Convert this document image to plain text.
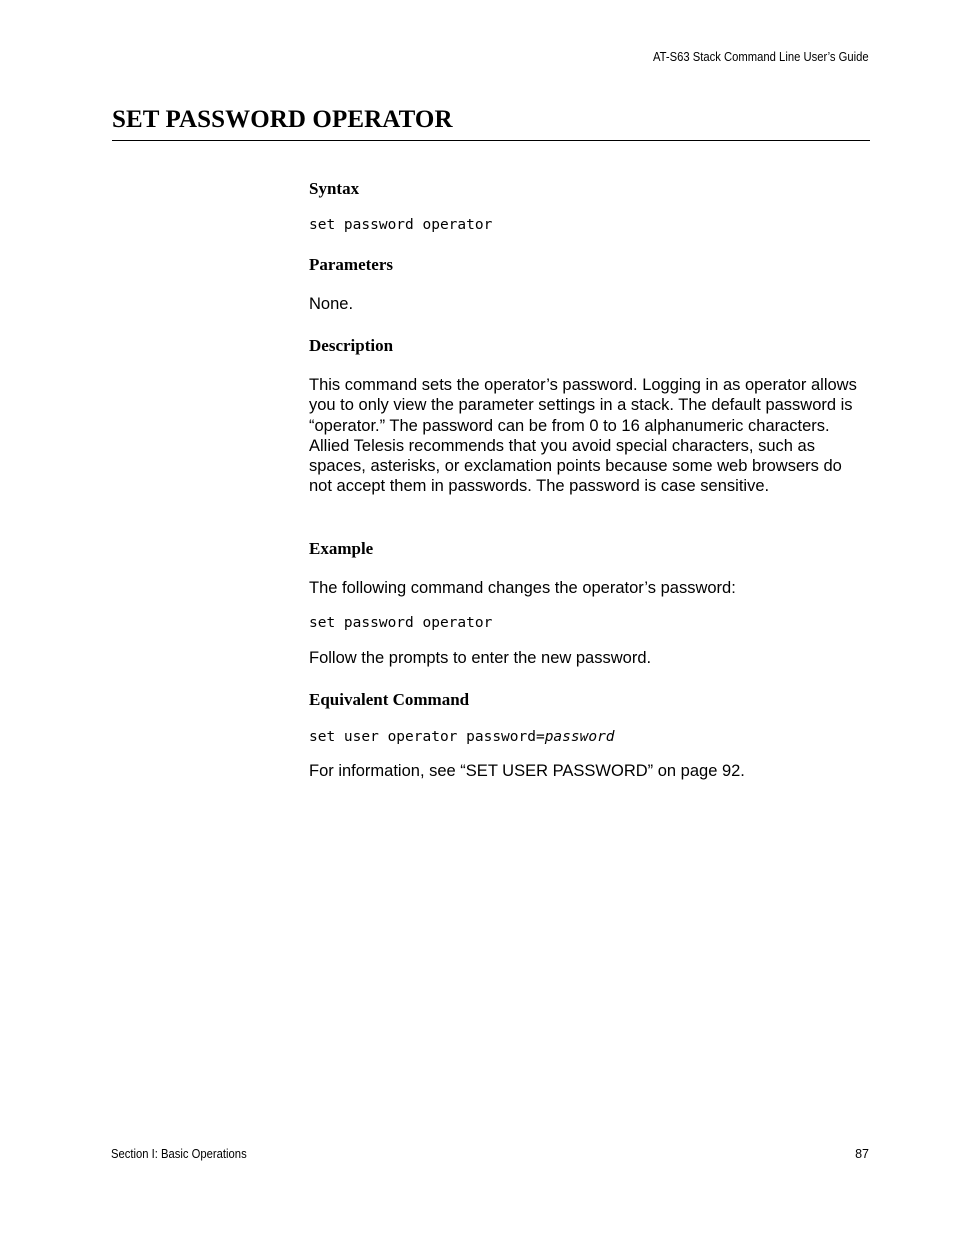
AT-S63 Stack Command Line User’s Guide
SET PASSWORD OPERATOR
Syntax
set password operator
Parameters

None.

Description

This command sets the operator’s password. Logging in as operator allows you to only view the parameter settings in a stack. The default password is “operator.” The password can be from 0 to 16 alphanumeric characters. Allied Telesis recommends that you avoid special characters, such as spaces, asterisks, or exclamation points because some web browsers do not accept them in passwords. The password is case sensitive.

Example

The following command changes the operator’s password:

set password operator

Follow the prompts to enter the new password.

Equivalent Command
set user operator password=password

For information, see “SET USER PASSWORD” on page 92.

Section I: Basic Operations	87
